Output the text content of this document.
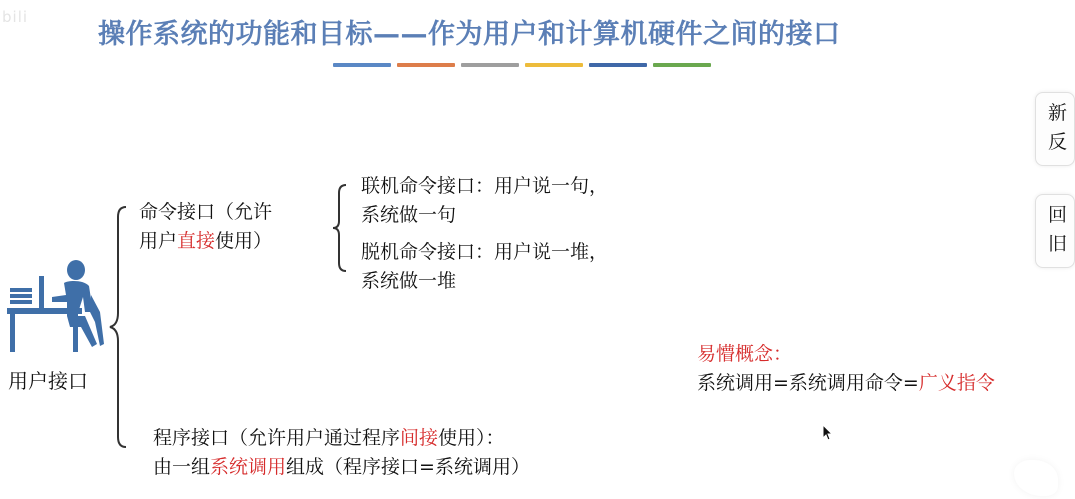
bili
操作系统的功能和目标——作为用户和计算机硬件之间的接口
用户接口
命令接口（允许
用户直接使用）
联机命令接口：用户说一句，
系统做一句
脱机命令接口：用户说一堆，
系统做一堆
程序接口（允许用户通过程序间接使用）：
由一组系统调用组成（程序接口=系统调用）
易懵概念：
系统调用=系统调用命令=广义指令
新
反
回
旧
